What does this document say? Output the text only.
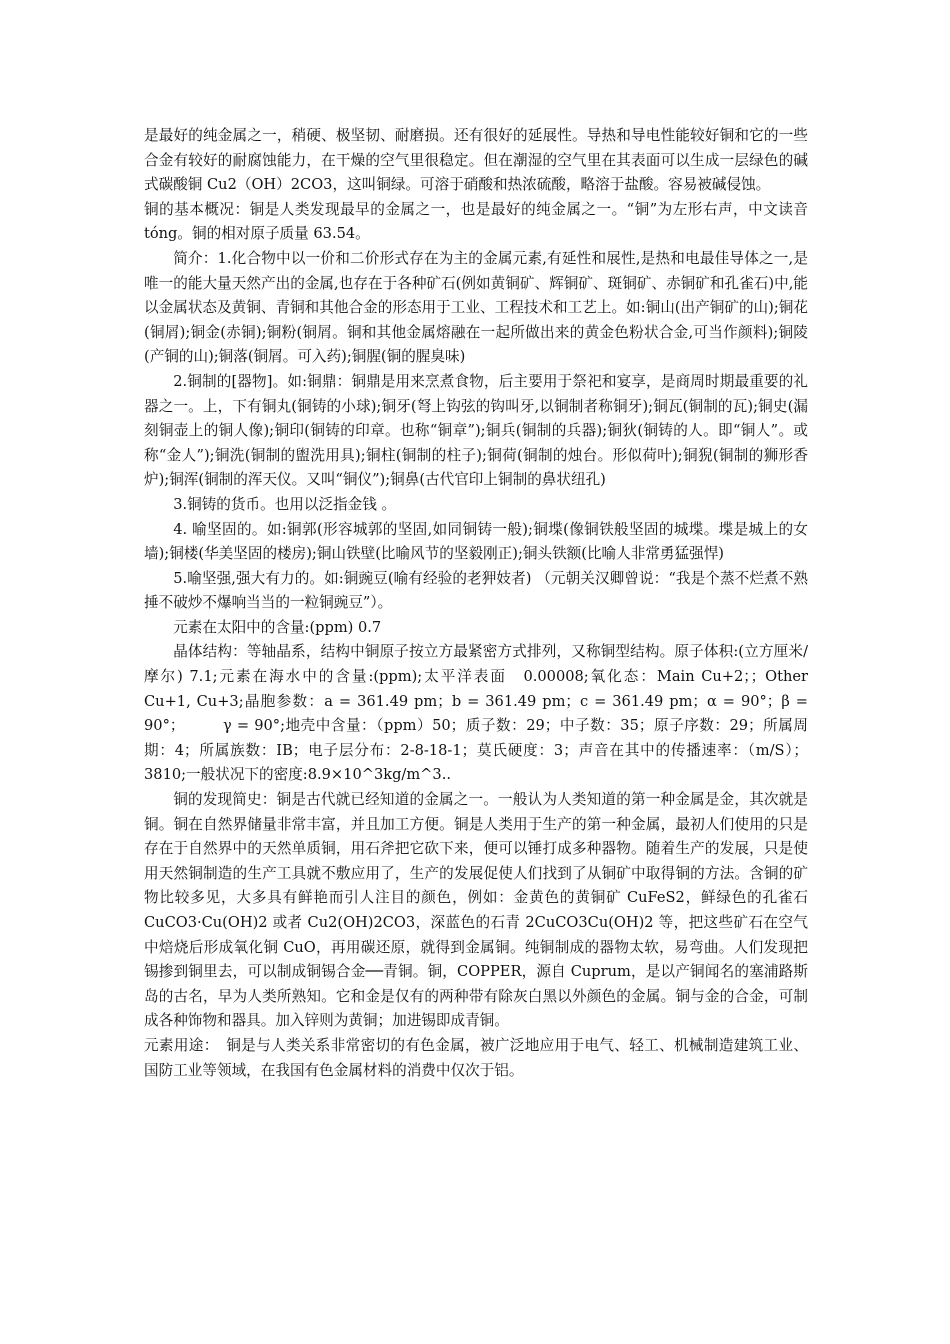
是最好的纯金属之一，稍硬、极坚韧、耐磨损。还有很好的延展性。导热和导电性能较好铜和它的一些合金有较好的耐腐蚀能力，在干燥的空气里很稳定。但在潮湿的空气里在其表面可以生成一层绿色的碱式碳酸铜 Cu2（OH）2CO3，这叫铜绿。可溶于硝酸和热浓硫酸，略溶于盐酸。容易被碱侵蚀。

铜的基本概况：铜是人类发现最早的金属之一，也是最好的纯金属之一。“铜”为左形右声，中文读音 tóng。铜的相对原子质量 63.54。

简介：1.化合物中以一价和二价形式存在为主的金属元素,有延性和展性,是热和电最佳导体之一,是唯一的能大量天然产出的金属,也存在于各种矿石(例如黄铜矿、辉铜矿、斑铜矿、赤铜矿和孔雀石)中,能以金属状态及黄铜、青铜和其他合金的形态用于工业、工程技术和工艺上。如:铜山(出产铜矿的山);铜花(铜屑);铜金(赤铜);铜粉(铜屑。铜和其他金属熔融在一起所做出来的黄金色粉状合金,可当作颜料);铜陵(产铜的山);铜落(铜屑。可入药);铜腥(铜的腥臭味)

2.铜制的[器物]。如:铜鼎：铜鼎是用来烹煮食物，后主要用于祭祀和宴享，是商周时期最重要的礼器之一。上，下有铜丸(铜铸的小球);铜牙(弩上钩弦的钩叫牙,以铜制者称铜牙);铜瓦(铜制的瓦);铜史(漏刻铜壶上的铜人像);铜印(铜铸的印章。也称“铜章”);铜兵(铜制的兵器);铜狄(铜铸的人。即“铜人”。或称“金人”);铜洗(铜制的盥洗用具);铜柱(铜制的柱子);铜荷(铜制的烛台。形似荷叶);铜猊(铜制的狮形香炉);铜浑(铜制的浑天仪。又叫“铜仪”);铜鼻(古代官印上铜制的鼻状纽孔)

3.铜铸的货币。也用以泛指金钱 。

4. 喻坚固的。如:铜郭(形容城郭的坚固,如同铜铸一般);铜堞(像铜铁般坚固的城堞。堞是城上的女墙);铜楼(华美坚固的楼房);铜山铁壁(比喻风节的坚毅刚正);铜头铁额(比喻人非常勇猛强悍)

5.喻坚强,强大有力的。如:铜豌豆(喻有经验的老狎妓者) （元朝关汉卿曾说：“我是个蒸不烂煮不熟捶不破炒不爆响当当的一粒铜豌豆”）。

元素在太阳中的含量:(ppm) 0.7

晶体结构：等轴晶系，结构中铜原子按立方最紧密方式排列，又称铜型结构。原子体积:(立方厘米/摩尔) 7.1;元素在海水中的含量:(ppm);太平洋表面　0.00008;氧化态：Main Cu+2；；Other Cu+1, Cu+3;晶胞参数：a = 361.49 pm；b = 361.49 pm；c = 361.49 pm；α = 90°；β = 90°；　　　γ = 90°;地壳中含量：（ppm）50；质子数：29；中子数：35；原子序数：29；所属周期：4；所属族数：IB；电子层分布：2-8-18-1；莫氏硬度：3；声音在其中的传播速率：（m/S）；3810;一般状况下的密度:8.9×10^3kg/m^3..

铜的发现简史：铜是古代就已经知道的金属之一。一般认为人类知道的第一种金属是金，其次就是铜。铜在自然界储量非常丰富，并且加工方便。铜是人类用于生产的第一种金属，最初人们使用的只是存在于自然界中的天然单质铜，用石斧把它砍下来，便可以锤打成多种器物。随着生产的发展，只是使用天然铜制造的生产工具就不敷应用了，生产的发展促使人们找到了从铜矿中取得铜的方法。含铜的矿物比较多见，大多具有鲜艳而引人注目的颜色，例如：金黄色的黄铜矿 CuFeS2，鲜绿色的孔雀石 CuCO3·Cu(OH)2 或者 Cu2(OH)2CO3，深蓝色的石青 2CuCO3Cu(OH)2 等，把这些矿石在空气中焙烧后形成氧化铜 CuO，再用碳还原，就得到金属铜。纯铜制成的器物太软，易弯曲。人们发现把锡掺到铜里去，可以制成铜锡合金──青铜。铜，COPPER，源自 Cuprum，是以产铜闻名的塞浦路斯岛的古名，早为人类所熟知。它和金是仅有的两种带有除灰白黑以外颜色的金属。铜与金的合金，可制成各种饰物和器具。加入锌则为黄铜；加进锡即成青铜。

元素用途：　铜是与人类关系非常密切的有色金属，被广泛地应用于电气、轻工、机械制造建筑工业、国防工业等领域，在我国有色金属材料的消费中仅次于铝。
